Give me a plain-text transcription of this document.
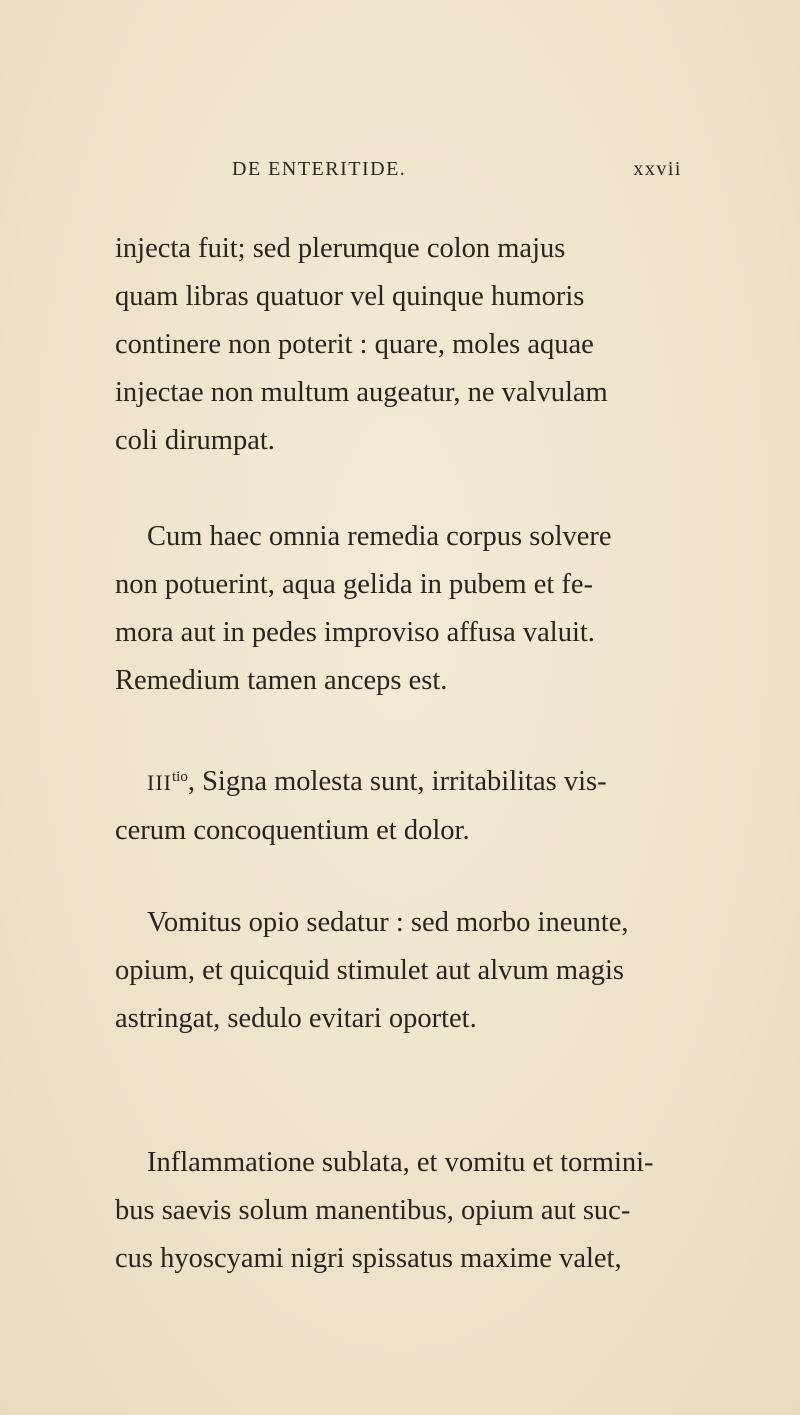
DE ENTERITIDE.	xxvii
injecta fuit; sed plerumque colon majus
quam libras quatuor vel quinque humoris
continere non poterit : quare, moles aquae
injectae non multum augeatur, ne valvulam
coli dirumpat.
Cum haec omnia remedia corpus solvere
non potuerint, aqua gelida in pubem et fe-
mora aut in pedes improviso affusa valuit.
Remedium tamen anceps est.
$III^{tio}$, Signa molesta sunt, irritabilitas vis-
cerum concoquentium et dolor.
Vomitus opio sedatur : sed morbo ineunte,
opium, et quicquid stimulet aut alvum magis
astringat, sedulo evitari oportet.
Inflammatione sublata, et vomitu et tormini-
bus saevis solum manentibus, opium aut suc-
cus hyoscyami nigri spissatus maxime valet,
